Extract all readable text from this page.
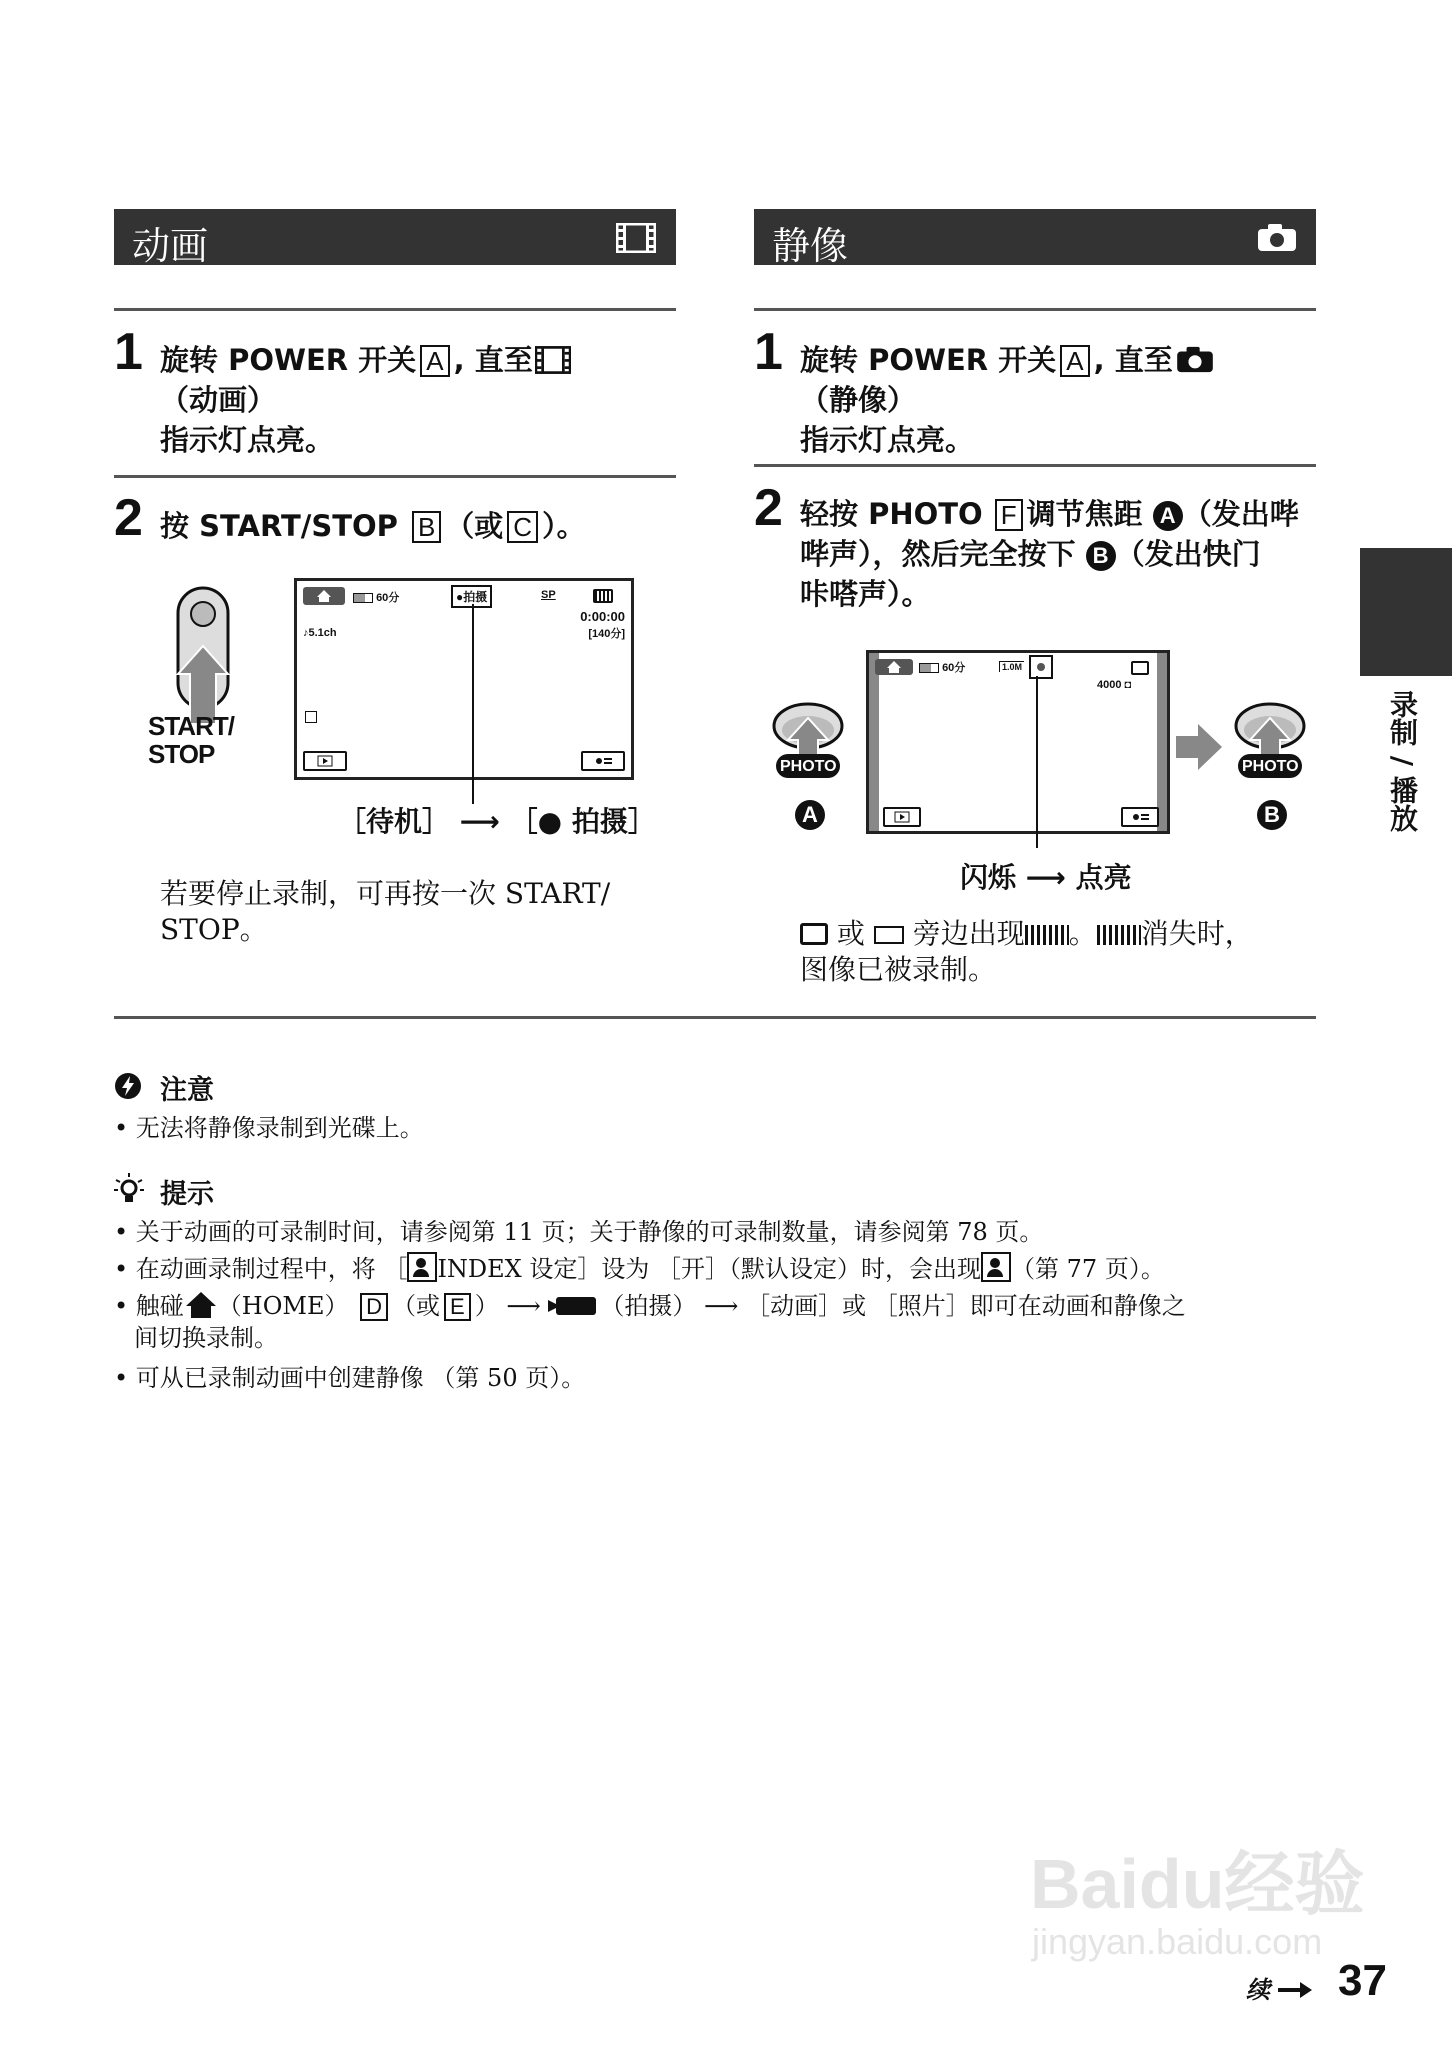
动画	静像
1 旋转 POWER 开关 A , 直至（动画）
指示灯点亮。
1 旋转 POWER 开关 A , 直至（静像）
指示灯点亮。
2 按 START/STOP B （或 C ）。
START/
STOP
60分	●拍摄	SP
0:00:00
[140分]
♪5.1ch
［待机］ ⟶ ［● 拍摄］
若要停止录制，可再按一次 START/
STOP。
2 轻按 PHOTO F 调节焦距 A （发出哔
哔声），然后完全按下 B （发出快门
咔嗒声）。
PHOTO
A
60分	1.0M
4000 ◘
PHOTO
B
闪烁 ⟶ 点亮
或 旁边出现 。 消失时，
图像已被录制。
注意
• 无法将静像录制到光碟上。
提示
• 关于动画的可录制时间，请参阅第 11 页；关于静像的可录制数量，请参阅第 78 页。
• 在动画录制过程中，将 ［ INDEX 设定］设为 ［开］（默认设定）时，会出现 （第 77 页）。
• 触碰 （HOME） D （或 E ） ⟶ （拍摄） ⟶ ［动画］或 ［照片］即可在动画和静像之
间切换录制。
• 可从已录制动画中创建静像 （第 50 页）。
录制 / 播放
Baidu经验
jingyan.baidu.com
续	37
